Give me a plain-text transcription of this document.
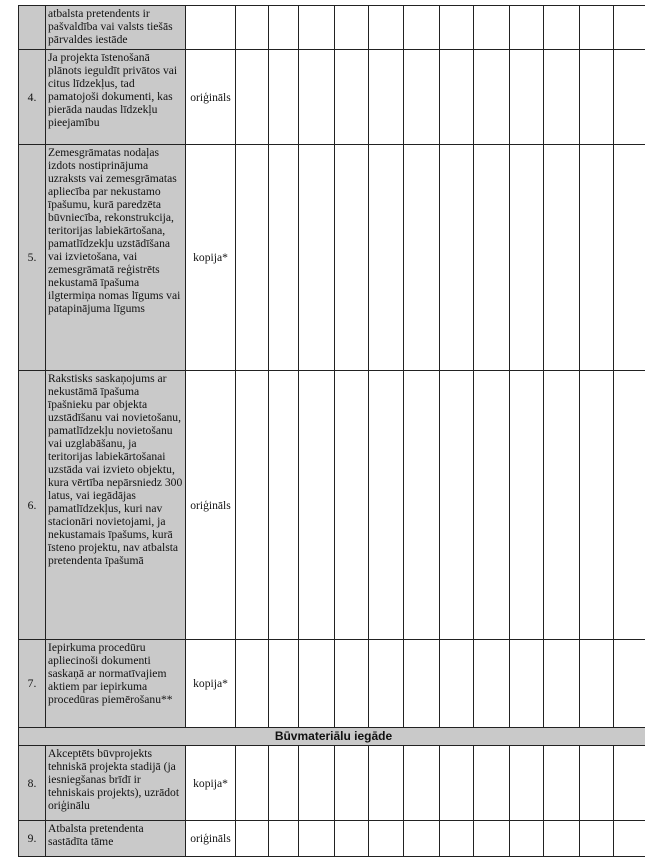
	atbalsta pretendents ir pašvaldība vai valsts tiešās pārvaldes iestāde													
4.	Ja projekta īstenošanā plānots ieguldīt privātos vai citus līdzekļus, tad pamatojoši dokumenti, kas pierāda naudas līdzekļu pieejamību	oriģināls												
5.	Zemesgrāmatas nodaļas izdots nostiprinājuma uzraksts vai zemesgrāmatas apliecība par nekustamo īpašumu, kurā paredzēta būvniecība, rekonstrukcija, teritorijas labiekārtošana, pamatlīdzekļu uzstādīšana vai izvietošana, vai zemesgrāmatā reģistrēts nekustamā īpašuma ilgtermiņa nomas līgums vai patapinājuma līgums	kopija*												
6.	Rakstisks saskaņojums ar nekustāmā īpašuma īpašnieku par objekta uzstādīšanu vai novietošanu, pamatlīdzekļu novietošanu vai uzglabāšanu, ja teritorijas labiekārtošanai uzstāda vai izvieto objektu, kura vērtība nepārsniedz 300 latus, vai iegādājas pamatlīdzekļus, kuri nav stacionāri novietojami, ja nekustamais īpašums, kurā īsteno projektu, nav atbalsta pretendenta īpašumā	oriģināls												
7.	Iepirkuma procedūru apliecinoši dokumenti saskaņā ar normatīvajiem aktiem par iepirkuma procedūras piemērošanu**	kopija*												
Būvmateriālu iegāde														
8.	Akceptēts būvprojekts tehniskā projekta stadijā (ja iesniegšanas brīdī ir tehniskais projekts), uzrādot oriģinālu	kopija*												
9.	Atbalsta pretendenta sastādīta tāme	oriģināls												
